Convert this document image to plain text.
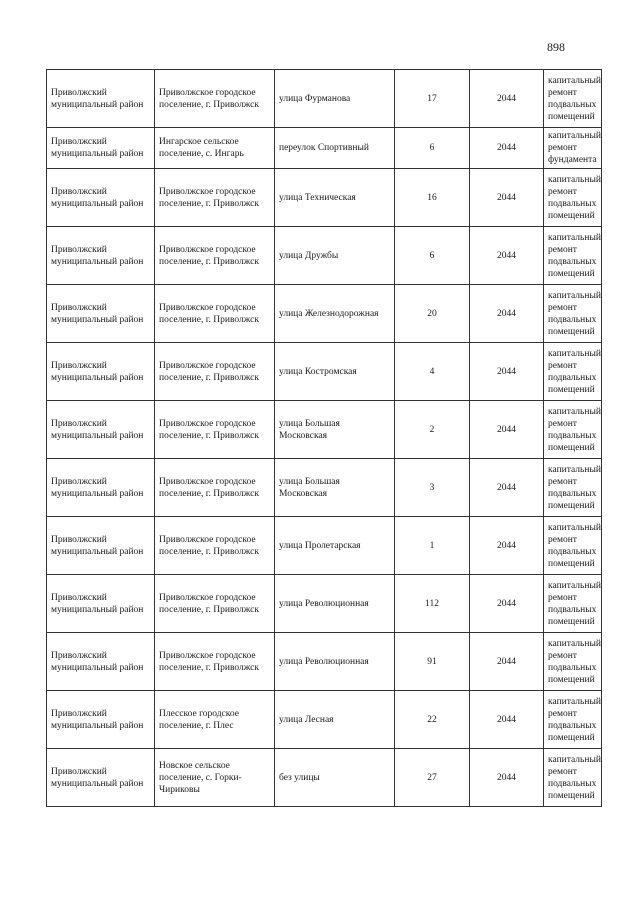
898
Приволжский муниципальный район	Приволжское городское поселение, г. Приволжск	улица Фурманова	17	2044	капитальный ремонт подвальных помещений
Приволжский муниципальный район	Ингарское сельское поселение, с. Ингарь	переулок Спортивный	6	2044	капитальный ремонт фундамента
Приволжский муниципальный район	Приволжское городское поселение, г. Приволжск	улица Техническая	16	2044	капитальный ремонт подвальных помещений
Приволжский муниципальный район	Приволжское городское поселение, г. Приволжск	улица Дружбы	6	2044	капитальный ремонт подвальных помещений
Приволжский муниципальный район	Приволжское городское поселение, г. Приволжск	улица Железнодорожная	20	2044	капитальный ремонт подвальных помещений
Приволжский муниципальный район	Приволжское городское поселение, г. Приволжск	улица Костромская	4	2044	капитальный ремонт подвальных помещений
Приволжский муниципальный район	Приволжское городское поселение, г. Приволжск	улица Большая Московская	2	2044	капитальный ремонт подвальных помещений
Приволжский муниципальный район	Приволжское городское поселение, г. Приволжск	улица Большая Московская	3	2044	капитальный ремонт подвальных помещений
Приволжский муниципальный район	Приволжское городское поселение, г. Приволжск	улица Пролетарская	1	2044	капитальный ремонт подвальных помещений
Приволжский муниципальный район	Приволжское городское поселение, г. Приволжск	улица Революционная	112	2044	капитальный ремонт подвальных помещений
Приволжский муниципальный район	Приволжское городское поселение, г. Приволжск	улица Революционная	91	2044	капитальный ремонт подвальных помещений
Приволжский муниципальный район	Плесское городское поселение, г. Плес	улица Лесная	22	2044	капитальный ремонт подвальных помещений
Приволжский муниципальный район	Новское сельское поселение, с. Горки-Чириковы	без улицы	27	2044	капитальный ремонт подвальных помещений
